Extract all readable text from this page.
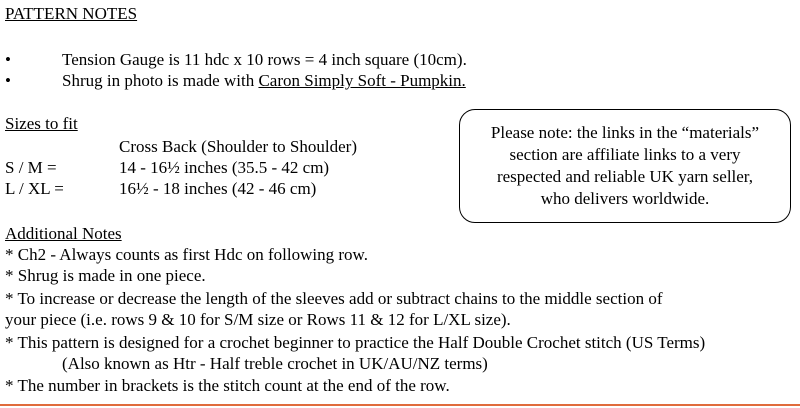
PATTERN NOTES
•	Tension Gauge is 11 hdc x 10 rows = 4 inch square (10cm).
•	Shrug in photo is made with Caron Simply Soft - Pumpkin.
Sizes to fit
Cross Back (Shoulder to Shoulder)
S / M =	14 - 16½ inches (35.5 - 42 cm)
L / XL =	16½ - 18 inches (42 - 46 cm)
Please note: the links in the “materials”
section are affiliate links to a very
respected and reliable UK yarn seller,
who delivers worldwide.
Additional Notes
* Ch2 - Always counts as first Hdc on following row.
* Shrug is made in one piece.
* To increase or decrease the length of the sleeves add or subtract chains to the middle section of
your piece (i.e. rows 9 & 10 for S/M size or Rows 11 & 12 for L/XL size).
* This pattern is designed for a crochet beginner to practice the Half Double Crochet stitch (US Terms)
(Also known as Htr - Half treble crochet in UK/AU/NZ terms)
* The number in brackets is the stitch count at the end of the row.
